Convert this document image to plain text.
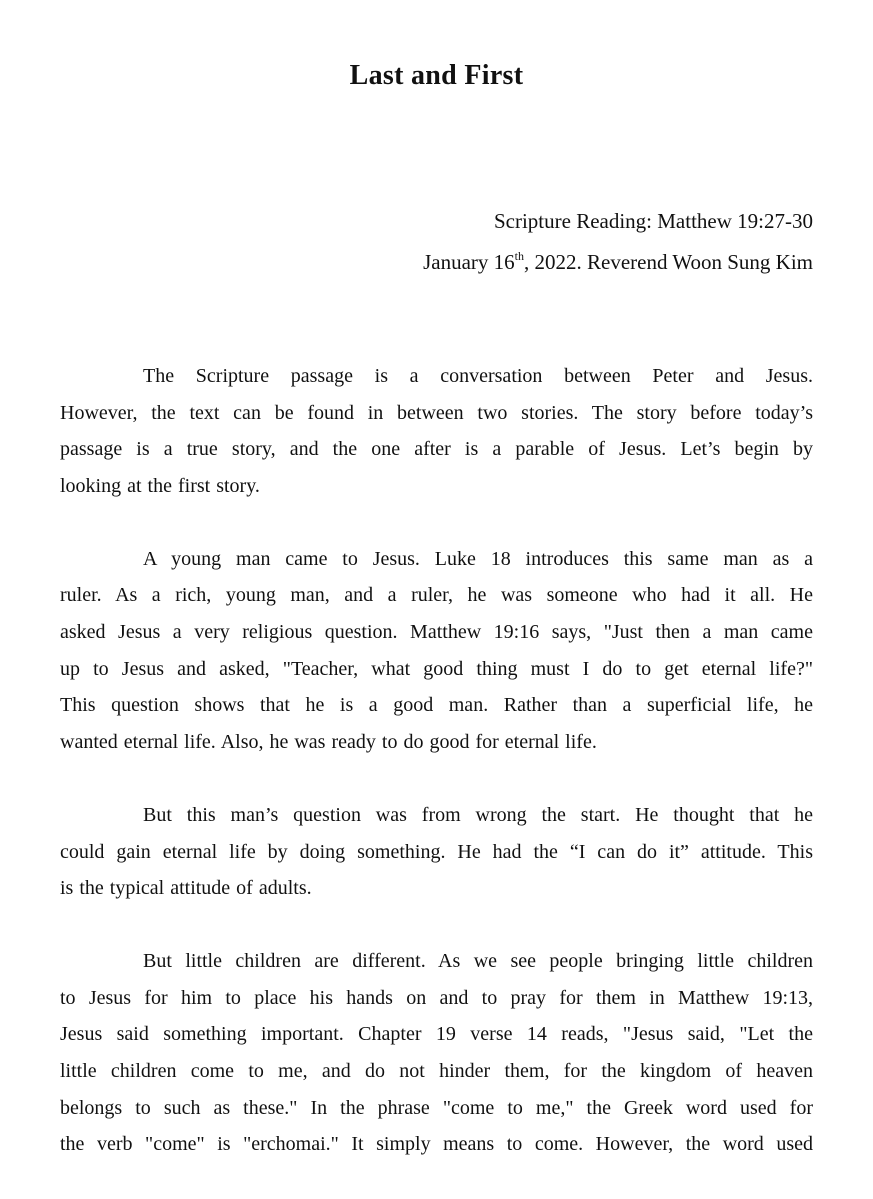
Last and First
Scripture Reading: Matthew 19:27-30
January 16th, 2022. Reverend Woon Sung Kim
The Scripture passage is a conversation between Peter and Jesus.
However, the text can be found in between two stories. The story before today’s
passage is a true story, and the one after is a parable of Jesus. Let’s begin by
looking at the first story.
A young man came to Jesus. Luke 18 introduces this same man as a
ruler. As a rich, young man, and a ruler, he was someone who had it all. He
asked Jesus a very religious question. Matthew 19:16 says, "Just then a man came
up to Jesus and asked, "Teacher, what good thing must I do to get eternal life?"
This question shows that he is a good man. Rather than a superficial life, he
wanted eternal life. Also, he was ready to do good for eternal life.
But this man’s question was from wrong the start. He thought that he
could gain eternal life by doing something. He had the “I can do it” attitude. This
is the typical attitude of adults.
But little children are different. As we see people bringing little children
to Jesus for him to place his hands on and to pray for them in Matthew 19:13,
Jesus said something important. Chapter 19 verse 14 reads, "Jesus said, "Let the
little children come to me, and do not hinder them, for the kingdom of heaven
belongs to such as these." In the phrase "come to me," the Greek word used for
the verb "come" is "erchomai." It simply means to come. However, the word used
